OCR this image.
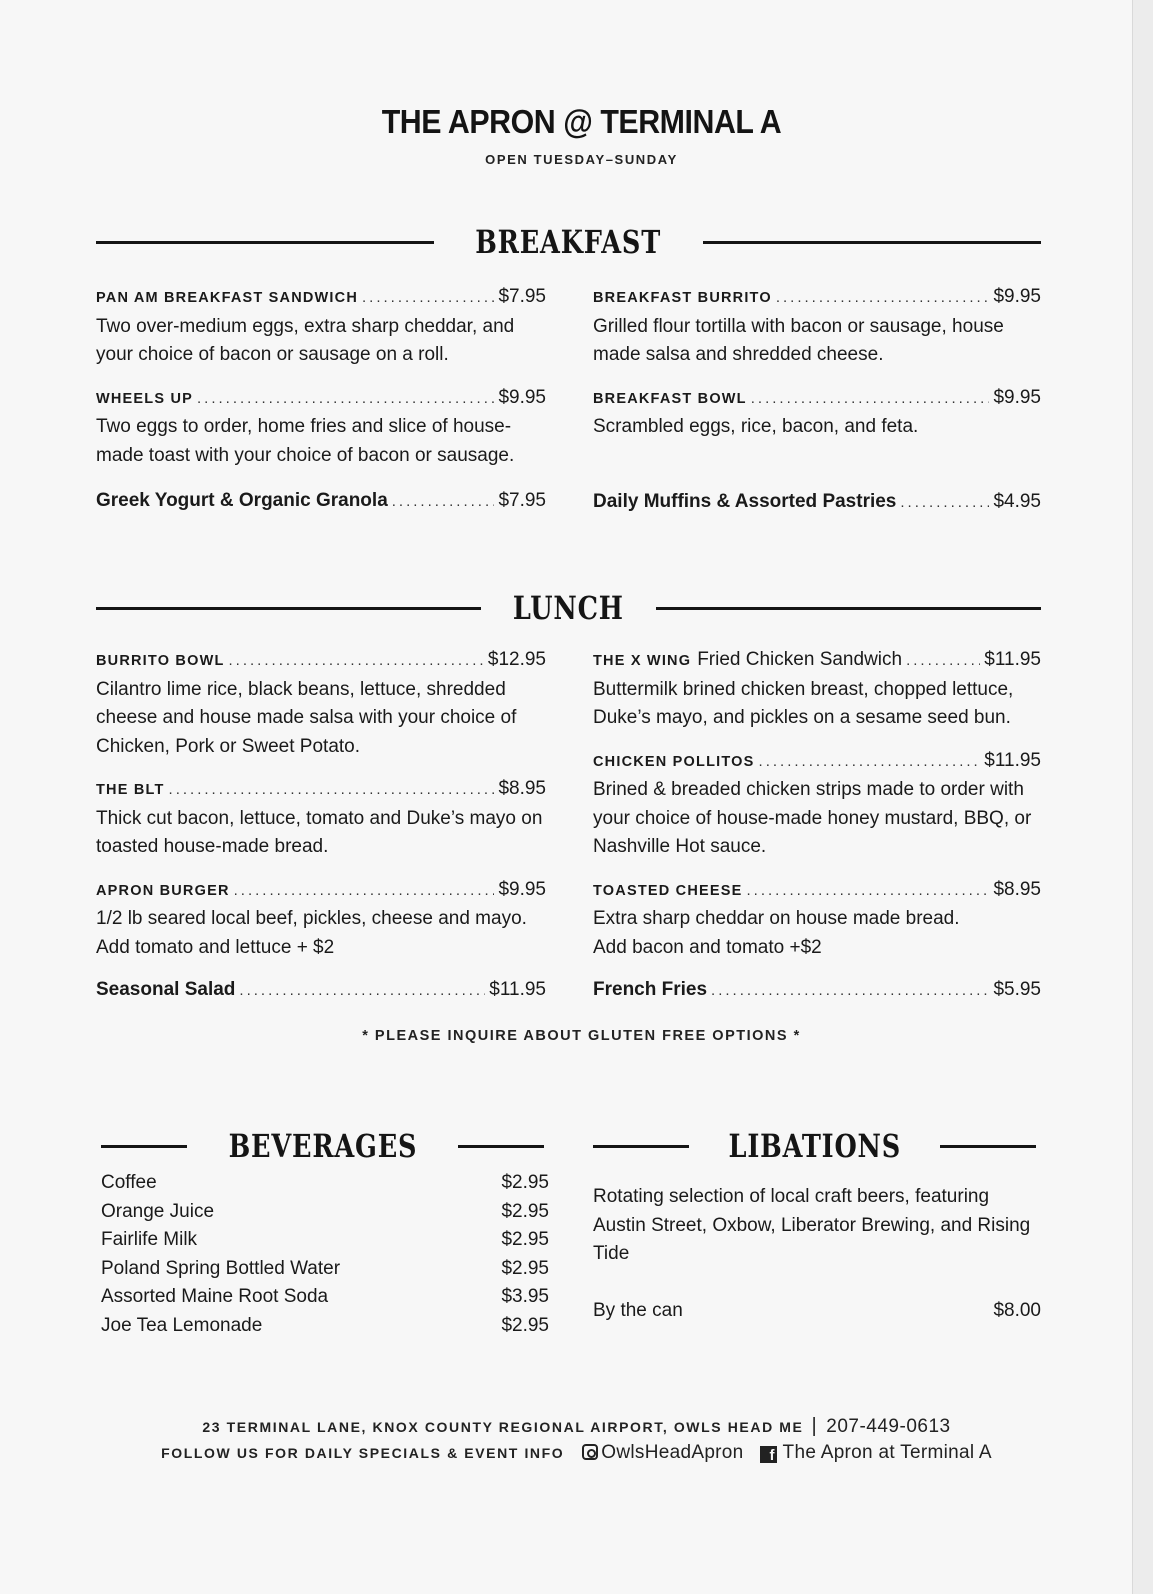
THE APRON @ TERMINAL A
OPEN TUESDAY–SUNDAY
BREAKFAST
PAN AM BREAKFAST SANDWICH .....	$7.95
Two over-medium eggs, extra sharp cheddar, and your choice of bacon or sausage on a roll.
WHEELS UP .....	$9.95
Two eggs to order, home fries and slice of house-made toast with your choice of bacon or sausage.
Greek Yogurt & Organic Granola .....	$7.95
BREAKFAST BURRITO .....	$9.95
Grilled flour tortilla with bacon or sausage, house made salsa and shredded cheese.
BREAKFAST BOWL .....	$9.95
Scrambled eggs, rice, bacon, and feta.
Daily Muffins & Assorted Pastries .....	$4.95
LUNCH
BURRITO BOWL .....	$12.95
Cilantro lime rice, black beans, lettuce, shredded cheese and house made salsa with your choice of Chicken, Pork or Sweet Potato.
THE BLT .....	$8.95
Thick cut bacon, lettuce, tomato and Duke’s mayo on toasted house-made bread.
APRON BURGER .....	$9.95
1/2 lb seared local beef, pickles, cheese and mayo.
Add tomato and lettuce + $2
Seasonal Salad .....	$11.95
THE X WING Fried Chicken Sandwich .....	$11.95
Buttermilk brined chicken breast, chopped lettuce, Duke’s mayo, and pickles on a sesame seed bun.
CHICKEN POLLITOS .....	$11.95
Brined & breaded chicken strips made to order with your choice of house-made honey mustard, BBQ, or Nashville Hot sauce.
TOASTED CHEESE .....	$8.95
Extra sharp cheddar on house made bread.
Add bacon and tomato +$2
French Fries .....	$5.95
* PLEASE INQUIRE ABOUT GLUTEN FREE OPTIONS *
BEVERAGES
Coffee	$2.95
Orange Juice	$2.95
Fairlife Milk	$2.95
Poland Spring Bottled Water	$2.95
Assorted Maine Root Soda	$3.95
Joe Tea Lemonade	$2.95
LIBATIONS
Rotating selection of local craft beers, featuring Austin Street, Oxbow, Liberator Brewing, and Rising Tide
By the can	$8.00
23 TERMINAL LANE, KNOX COUNTY REGIONAL AIRPORT, OWLS HEAD ME | 207-449-0613
FOLLOW US FOR DAILY SPECIALS & EVENT INFO OwlsHeadApron f The Apron at Terminal A
